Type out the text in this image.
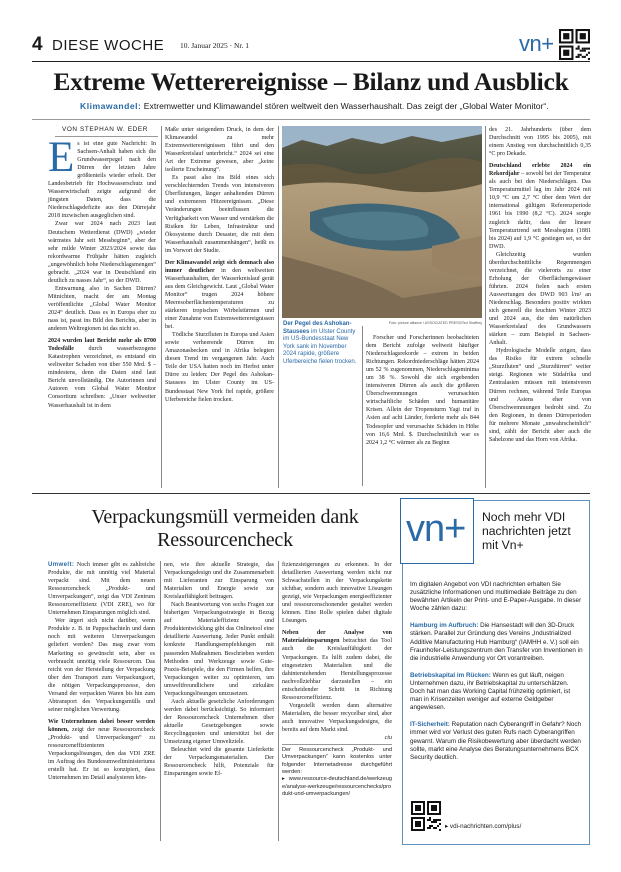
4 DIESE WOCHE 10. Januar 2025 · Nr. 1	vn+
Extreme Wetterereignisse – Bilanz und Ausblick
Klimawandel: Extremwetter und Klimawandel stören weltweit den Wasserhaushalt. Das zeigt der „Global Water Monitor“.
VON STEPHAN W. EDER

Es ist eine gute Nachricht: In Sachsen-Anhalt haben sich die Grundwasserpegel nach den Dürren der letzten Jahre größtenteils wieder erholt. Der Landesbetrieb für Hochwasserschutz und Wasserwirtschaft zeigte aufgrund der jüngsten Daten, dass die Niederschlagsdefizite aus den Dürrejahr 2018 inzwischen ausgeglichen sind.

Zwar war 2024 nach 2023 laut Deutschem Wetterdienst (DWD) „wieder wärmstes Jahr seit Messbeginn“, aber der sehr milde Winter 2023/2024 sowie das rekordwarme Frühjahr hätten zugleich „ungewöhnlich hohe Niederschlagsmengen“ gebracht. „2024 war in Deutschland ein deutlich zu nasses Jahr“, so der DWD.

Entwarnung also in Sachen Dürren? Mitnichten, macht der am Montag veröffentlichte „Global Water Monitor 2024“ deutlich. Dass es in Europa eher zu nass ist, passt ins Bild des Berichts, aber in anderen Weltregionen ist das nicht so.

2024 wurden laut Bericht mehr als 8700 Todesfälle durch wasserbezogene Katastrophen verzeichnet, es entstand ein weltweiter Schaden von über 550 Mrd. $ – mindestens, denn die Daten sind laut Bericht unvollständig. Die Autorinnen und Autoren vom Global Water Monitor Consortium schreiben: „Unser weltweiter Wasserhaushalt ist in dem

Maße unter steigendem Druck, in dem der Klimawandel zu mehr Extremwetterereignissen führt und den Wasserkreislauf unterbricht.“ 2024 sei eine Art der Extreme gewesen, aber „keine isolierte Erscheinung“.

Es passt also ins Bild eines sich verschlechternden Trends von intensiveren Überflutungen, länger anhaltenden Dürren und extremeren Hitzeereignissen. „Diese Veränderungen beeinflussen die Verfügbarkeit von Wasser und verstärken die Risiken für Leben, Infrastruktur und Ökosysteme durch Desaster, die mit dem Wasserhaushalt zusammenhängen“, heißt es im Vorwort der Studie.

Der Klimawandel zeigt sich demnach also immer deutlicher in den weltweiten Wasserhaushalten, der Wasserkreislauf gerät aus dem Gleichgewicht. Laut „Global Water Monitor“ trugen 2024 höhere Meeresoberflächentemperaturen zu stärkeren tropischen Wirbelstürmen und einer Zunahme von Extremwetterereignissen bei.

Tödliche Sturzfluten in Europa und Asien sowie verheerende Dürren im Amazonasbecken und in Afrika belegten diesen Trend im vergangenen Jahr. Auch Teile der USA hatten noch im Herbst unter Dürre zu leiden: Der Pegel des Ashokan-Stausees im Ulster County im US-Bundesstaat New York fiel rapide, größere Uferbereiche fielen trocken.

Foto: picture alliance / ASSOCIATED PRESS/Ted Shaffrey
Der Pegel des Ashokan-Stausees im Ulster County im US-Bundesstaat New York sank im November 2024 rapide, größere Uferbereiche fielen trocken.

Forscher und Forscherinnen beobachteten dem Bericht zufolge weltweit häufiger Niederschlagsrekorde – extrem in beiden Richtungen. Rekordniederschläge hätten 2024 um 52 % zugenommen, Niederschlagsminima um 38 %. Sowohl die sich ergebenden intensiveren Dürren als auch die größeren Überschwemmungen verursachten wirtschaftliche Schäden und humanitäre Krisen. Allein der Tropensturm Yagi traf in Asien auf acht Länder, forderte mehr als 844 Todesopfer und verursachte Schäden in Höhe von 16,6 Mrd. $. Durchschnittlich war es 2024 1,2 °C wärmer als zu Beginn

des 21. Jahrhunderts (über dem Durchschnitt von 1995 bis 2005), mit einem Anstieg von durchschnittlich 0,35 °C pro Dekade.

Deutschland erlebte 2024 ein Rekordjahr – sowohl bei der Temperatur als auch bei den Niederschlägen. Das Temperaturmittel lag im Jahr 2024 mit 10,9 °C um 2,7 °C über dem Wert der international gültigen Referenzperiode 1961 bis 1990 (8,2 °C). 2024 sorgte zugleich dafür, dass der lineare Temperaturtrend seit Messbeginn (1881 bis 2024) auf 1,9 °C gestiegen sei, so der DWD.

Gleichzeitig wurden überdurchschnittliche Regenmengen verzeichnet, die vielerorts zu einer Erholung der Oberflächengewässer führten. 2024 fielen nach ersten Auswertungen des DWD 903 l/m² an Niederschlag. Besonders positiv wirkten sich generell die feuchten Winter 2023 und 2024 aus, die den natürlichen Wasserkreislauf des Grundwassers stärken – zum Beispiel in Sachsen-Anhalt.

Hydrologische Modelle zeigen, dass das Risiko für extrem schnelle „Sturzfluten“ und „Sturzdürren“ weiter steigt. Regionen wie Südafrika und Zentralasien müssen mit intensiveren Dürren rechnen, während Teile Europas und Asiens eher von Überschwemmungen bedroht sind. Zu den Regionen, in denen Dürreperioden für mehrere Monate „unwahrscheinlich“ sind, zählt der Bericht aber auch die Sahelzone und das Horn von Afrika.

Verpackungsmüll vermeiden dank Ressourcencheck

Umwelt: Noch immer gibt es zahlreiche Produkte, die mit unnötig viel Material verpackt sind. Mit dem neuen Ressourcencheck „Produkt- und Umverpackungen“, zeigt das VDI Zentrum Ressourceneffizienz (VDI ZRE), wo für Unternehmen Einsparungen möglich sind.

Wer ärgert sich nicht darüber, wenn Produkte z. B. in Pappschachteln und dann noch mit weiteren Umverpackungen geliefert werden? Das mag zwar vom Marketing so gewünscht sein, aber es verbraucht unnötig viele Ressourcen. Das reicht von der Herstellung der Verpackung über den Transport zum Verpackungsort, die nötigen Verpackungsprozesse, den Versand der verpackten Waren bis hin zum Abtransport des Verpackungsmülls und seiner möglichen Verwertung.

Wie Unternehmen dabei besser werden können, zeigt der neue Ressourcencheck „Produkt- und Umverpackungen“ zu ressourceneffizienteren Verpackungslösungen, den das VDI ZRE im Auftrag des Bundesumweltministeriums erstellt hat. Er ist so konzipiert, dass Unternehmen im Detail analysieren kön-

nen, wie ihre aktuelle Strategie, das Verpackungsdesign und die Zusammenarbeit mit Lieferanten zur Einsparung von Materialien und Energie sowie zur Kreislauffähigkeit beitragen.

Nach Beantwortung von sechs Fragen zur bisherigen Verpackungsstrategie in Bezug auf Materialeffizienz und Produktentwicklung gibt das Onlinetool eine detaillierte Auswertung. Jeder Punkt enthält konkrete Handlungsempfehlungen mit passenden Maßnahmen. Beschrieben werden Methoden und Werkzeuge sowie Gute-Praxis-Beispiele, die den Firmen helfen, ihre Verpackungen weiter zu optimieren, um umweltfreundlichere und zirkuläre Verpackungslösungen umzusetzen.

Auch aktuelle gesetzliche Anforderungen werden dabei berücksichtigt. So informiert der Ressourcencheck Unternehmen über aktuelle Gesetzgebungen sowie Recyclingquoten und unterstützt bei der Umsetzung eigener Umweltziele.

Beleuchtet wird die gesamte Lieferkette der Verpackungsmaterialien. Der Ressourcencheck hilft, Potenziale für Einsparungen sowie Ef-

fizienzsteigerungen zu erkennen. In der detaillierten Auswertung werden nicht nur Schwachstellen in der Verpackungskette sichtbar, sondern auch innovative Lösungen gezeigt, wie Verpackungen energieeffizienter und ressourcenschonender gestaltet werden können. Eine Rolle spielen dabei digitale Lösungen.

Neben der Analyse von Materialeinsparungen betrachtet das Tool auch die Kreislauffähigkeit der Verpackungen. Es hilft zudem dabei, die eingesetzten Materialien und die dahinterstehenden Herstellungsprozesse nachvollziehbar darzustellen – ein entscheidender Schritt in Richtung Ressourceneffizienz.

Vorgestellt werden dann alternative Materialien, die besser recycelbar sind, aber auch innovative Verpackungsdesigns, die bereits auf dem Markt sind.

ciu

Der Ressourcencheck „Produkt- und Umverpackungen“ kann kostenlos unter folgender Internetadresse durchgeführt werden:

▸ www.ressource-deutschland.de/werkzeuge/analyse-werkzeuge/ressourcenchecks/produkt-und-umverpackungen/

vn+ Noch mehr VDI nachrichten jetzt mit Vn+

Im digitalen Angebot von VDI nachrichten erhalten Sie zusätzliche Informationen und multimediale Beiträge zu den bewährten Artikeln der Print- und E-Paper-Ausgabe. In dieser Woche zählen dazu:

Hamburg im Aufbruch: Die Hansestadt will den 3D-Druck stärken. Parallel zur Gründung des Vereins „Industrialized Additive Manufacturing Hub Hamburg“ (IAMHH e. V.) soll ein Fraunhofer-Leistungszentrum den Transfer von Inventionen in die industrielle Anwendung vor Ort vorantreiben.

Betriebskapital im Rücken: Wenn es gut läuft, neigen Unternehmen dazu, ihr Betriebskapital zu unterschätzen. Doch hat man das Working Capital frühzeitig optimiert, ist man in Krisenzeiten weniger auf externe Geldgeber angewiesen.

IT-Sicherheit: Reputation nach Cyberangriff in Gefahr? Noch immer wird vor Verlust des guten Rufs nach Cyberangriffen gewarnt. Warum die Risikobewertung aber überdacht werden sollte, markt eine Analyse des Beratungsunternehmens BCX Security deutlich.

▸ vdi-nachrichten.com/plus/
